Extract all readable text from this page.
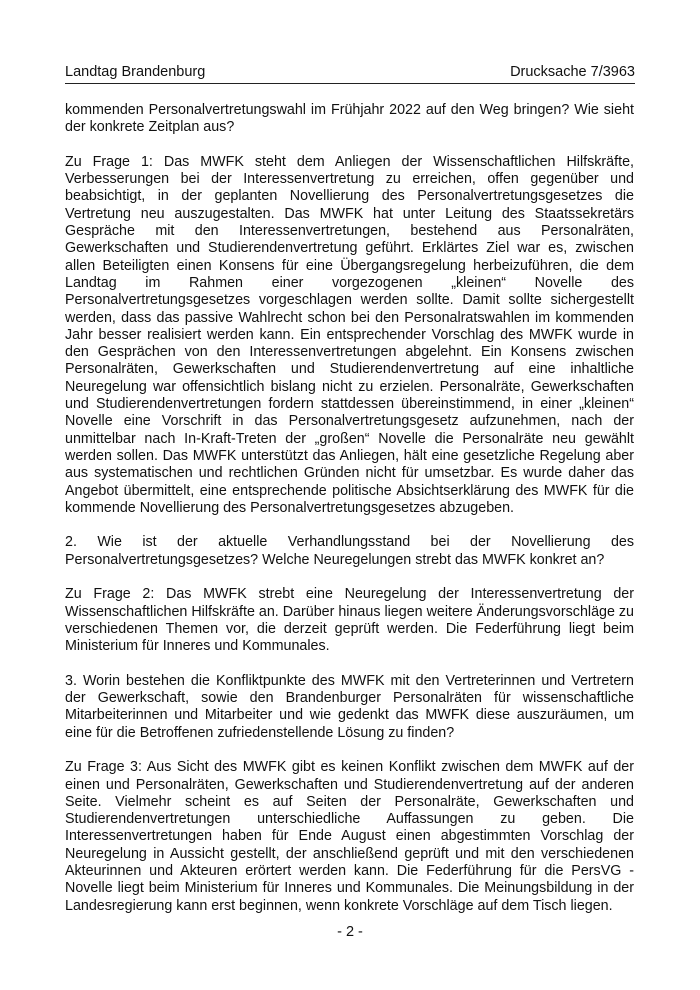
Landtag Brandenburg	Drucksache 7/3963

kommenden Personalvertretungswahl im Frühjahr 2022 auf den Weg bringen? Wie sieht der konkrete Zeitplan aus?

Zu Frage 1: Das MWFK steht dem Anliegen der Wissenschaftlichen Hilfskräfte, Verbesserungen bei der Interessenvertretung zu erreichen, offen gegenüber und beabsichtigt, in der geplanten Novellierung des Personalvertretungsgesetzes die Vertretung neu auszugestalten. Das MWFK hat unter Leitung des Staatssekretärs Gespräche mit den Interessenvertretungen, bestehend aus Personalräten, Gewerkschaften und Studierendenvertretung geführt. Erklärtes Ziel war es, zwischen allen Beteiligten einen Konsens für eine Übergangsregelung herbeizuführen, die dem Landtag im Rahmen einer vorgezogenen „kleinen“ Novelle des Personalvertretungsgesetzes vorgeschlagen werden sollte. Damit sollte sichergestellt werden, dass das passive Wahlrecht schon bei den Personalratswahlen im kommenden Jahr besser realisiert werden kann. Ein entsprechender Vorschlag des MWFK wurde in den Gesprächen von den Interessenvertretungen abgelehnt. Ein Konsens zwischen Personalräten, Gewerkschaften und Studierendenvertretung auf eine inhaltliche Neuregelung war offensichtlich bislang nicht zu erzielen. Personalräte, Gewerkschaften und Studierendenvertretungen fordern stattdessen übereinstimmend, in einer „kleinen“ Novelle eine Vorschrift in das Personalvertretungsgesetz aufzunehmen, nach der unmittelbar nach In-Kraft-Treten der „großen“ Novelle die Personalräte neu gewählt werden sollen. Das MWFK unterstützt das Anliegen, hält eine gesetzliche Regelung aber aus systematischen und rechtlichen Gründen nicht für umsetzbar. Es wurde daher das Angebot übermittelt, eine entsprechende politische Absichtserklärung des MWFK für die kommende Novellierung des Personalvertretungsgesetzes abzugeben.

2. Wie ist der aktuelle Verhandlungsstand bei der Novellierung des Personalvertretungsgesetzes? Welche Neuregelungen strebt das MWFK konkret an?

Zu Frage 2: Das MWFK strebt eine Neuregelung der Interessenvertretung der Wissenschaftlichen Hilfskräfte an. Darüber hinaus liegen weitere Änderungsvorschläge zu verschiedenen Themen vor, die derzeit geprüft werden. Die Federführung liegt beim Ministerium für Inneres und Kommunales.

3. Worin bestehen die Konfliktpunkte des MWFK mit den Vertreterinnen und Vertretern der Gewerkschaft, sowie den Brandenburger Personalräten für wissenschaftliche Mitarbeiterinnen und Mitarbeiter und wie gedenkt das MWFK diese auszuräumen, um eine für die Betroffenen zufriedenstellende Lösung zu finden?

Zu Frage 3: Aus Sicht des MWFK gibt es keinen Konflikt zwischen dem MWFK auf der einen und Personalräten, Gewerkschaften und Studierendenvertretung auf der anderen Seite. Vielmehr scheint es auf Seiten der Personalräte, Gewerkschaften und Studierendenvertretungen unterschiedliche Auffassungen zu geben. Die Interessenvertretungen haben für Ende August einen abgestimmten Vorschlag der Neuregelung in Aussicht gestellt, der anschließend geprüft und mit den verschiedenen Akteurinnen und Akteuren erörtert werden kann. Die Federführung für die PersVG - Novelle liegt beim Ministerium für Inneres und Kommunales. Die Meinungsbildung in der Landesregierung kann erst beginnen, wenn konkrete Vorschläge auf dem Tisch liegen.

- 2 -
